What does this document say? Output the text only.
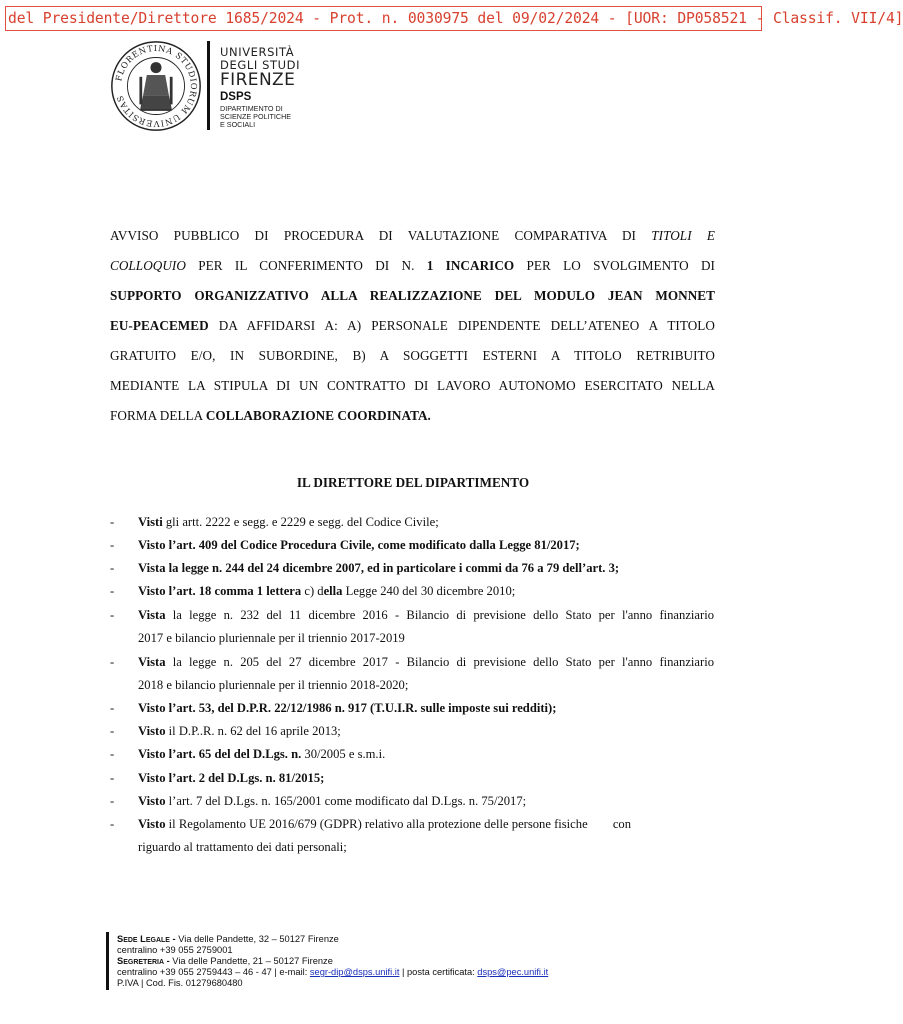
del Presidente/Direttore 1685/2024 - Prot. n. 0030975 del 09/02/2024 - [UOR: DP058521 - Classif. VII/4]
FLORENTINA STUDIORUM UNIVERSITAS
UNIVERSITÀ
DEGLI STUDI
FIRENZE
DSPS
DIPARTIMENTO DI
SCIENZE POLITICHE
E SOCIALI
AVVISO PUBBLICO DI PROCEDURA DI VALUTAZIONE COMPARATIVA DI TITOLI E
COLLOQUIO PER IL CONFERIMENTO DI N. 1 INCARICO PER LO SVOLGIMENTO DI
SUPPORTO ORGANIZZATIVO ALLA REALIZZAZIONE DEL MODULO JEAN MONNET
EU-PEACEMED DA AFFIDARSI A: A) PERSONALE DIPENDENTE DELL’ATENEO A TITOLO
GRATUITO E/O, IN SUBORDINE, B) A SOGGETTI ESTERNI A TITOLO RETRIBUITO
MEDIANTE LA STIPULA DI UN CONTRATTO DI LAVORO AUTONOMO ESERCITATO NELLA
FORMA DELLA COLLABORAZIONE COORDINATA.
IL DIRETTORE DEL DIPARTIMENTO
- Visti gli artt. 2222 e segg. e 2229 e segg. del Codice Civile;
- Visto l’art. 409 del Codice Procedura Civile, come modificato dalla Legge 81/2017;
- Vista la legge n. 244 del 24 dicembre 2007, ed in particolare i commi da 76 a 79 dell’art. 3;
- Visto l’art. 18 comma 1 lettera c) della Legge 240 del 30 dicembre 2010;
- Vista la legge n. 232 del 11 dicembre 2016 - Bilancio di previsione dello Stato per l'anno finanziario
2017 e bilancio pluriennale per il triennio 2017-2019
- Vista la legge n. 205 del 27 dicembre 2017 - Bilancio di previsione dello Stato per l'anno finanziario
2018 e bilancio pluriennale per il triennio 2018-2020;
- Visto l’art. 53, del D.P.R. 22/12/1986 n. 917 (T.U.I.R. sulle imposte sui redditi);
- Visto il D.P..R. n. 62 del 16 aprile 2013;
- Visto l’art. 65 del del D.Lgs. n. 30/2005 e s.m.i.
- Visto l’art. 2 del D.Lgs. n. 81/2015;
- Visto l’art. 7 del D.Lgs. n. 165/2001 come modificato dal D.Lgs. n. 75/2017;
- Visto il Regolamento UE 2016/679 (GDPR) relativo alla protezione delle persone fisiche        con
riguardo al trattamento dei dati personali;
Sede Legale - Via delle Pandette, 32 – 50127 Firenze
centralino +39 055 2759001
Segreteria - Via delle Pandette, 21 – 50127 Firenze
centralino +39 055 2759443 – 46 - 47 | e-mail: segr-dip@dsps.unifi.it | posta certificata: dsps@pec.unifi.it
P.IVA | Cod. Fis. 01279680480
